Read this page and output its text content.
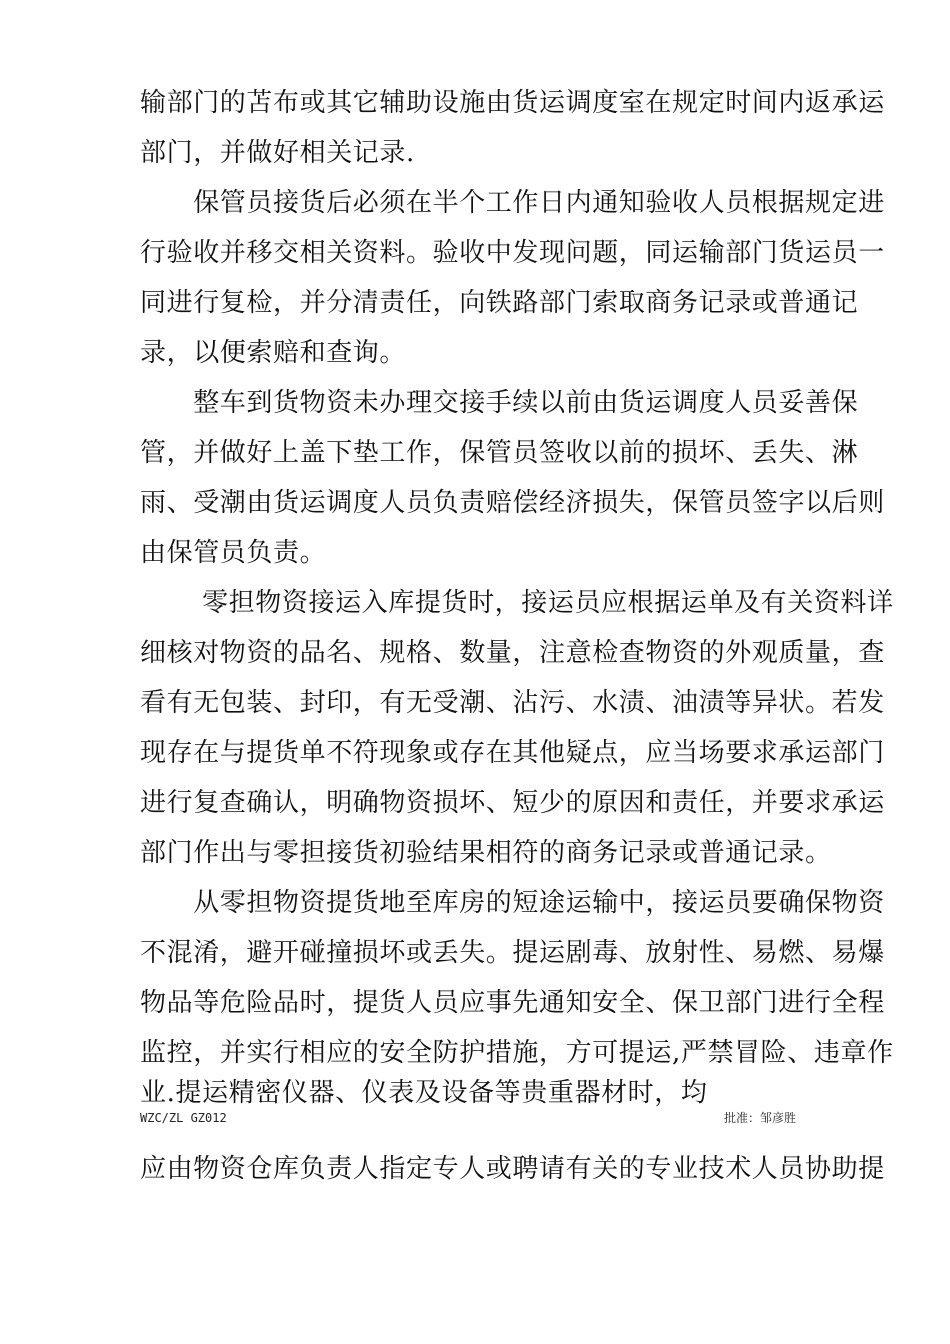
输部门的苫布或其它辅助设施由货运调度室在规定时间内返承运
部门，并做好相关记录.
　　保管员接货后必须在半个工作日内通知验收人员根据规定进
行验收并移交相关资料。验收中发现问题，同运输部门货运员一
同进行复检，并分清责任，向铁路部门索取商务记录或普通记
录，以便索赔和查询。
　　整车到货物资未办理交接手续以前由货运调度人员妥善保
管，并做好上盖下垫工作，保管员签收以前的损坏、丢失、淋
雨、受潮由货运调度人员负责赔偿经济损失，保管员签字以后则
由保管员负责。
　　 零担物资接运入库提货时，接运员应根据运单及有关资料详
细核对物资的品名、规格、数量，注意检查物资的外观质量，查
看有无包装、封印，有无受潮、沾污、水渍、油渍等异状。若发
现存在与提货单不符现象或存在其他疑点，应当场要求承运部门
进行复查确认，明确物资损坏、短少的原因和责任，并要求承运
部门作出与零担接货初验结果相符的商务记录或普通记录。
　　从零担物资提货地至库房的短途运输中，接运员要确保物资
不混淆，避开碰撞损坏或丢失。提运剧毒、放射性、易燃、易爆
物品等危险品时，提货人员应事先通知安全、保卫部门进行全程
监控，并实行相应的安全防护措施，方可提运,严禁冒险、违章作
业.提运精密仪器、仪表及设备等贵重器材时，均
WZC/ZL GZ012	批准：邹彦胜
应由物资仓库负责人指定专人或聘请有关的专业技术人员协助提
